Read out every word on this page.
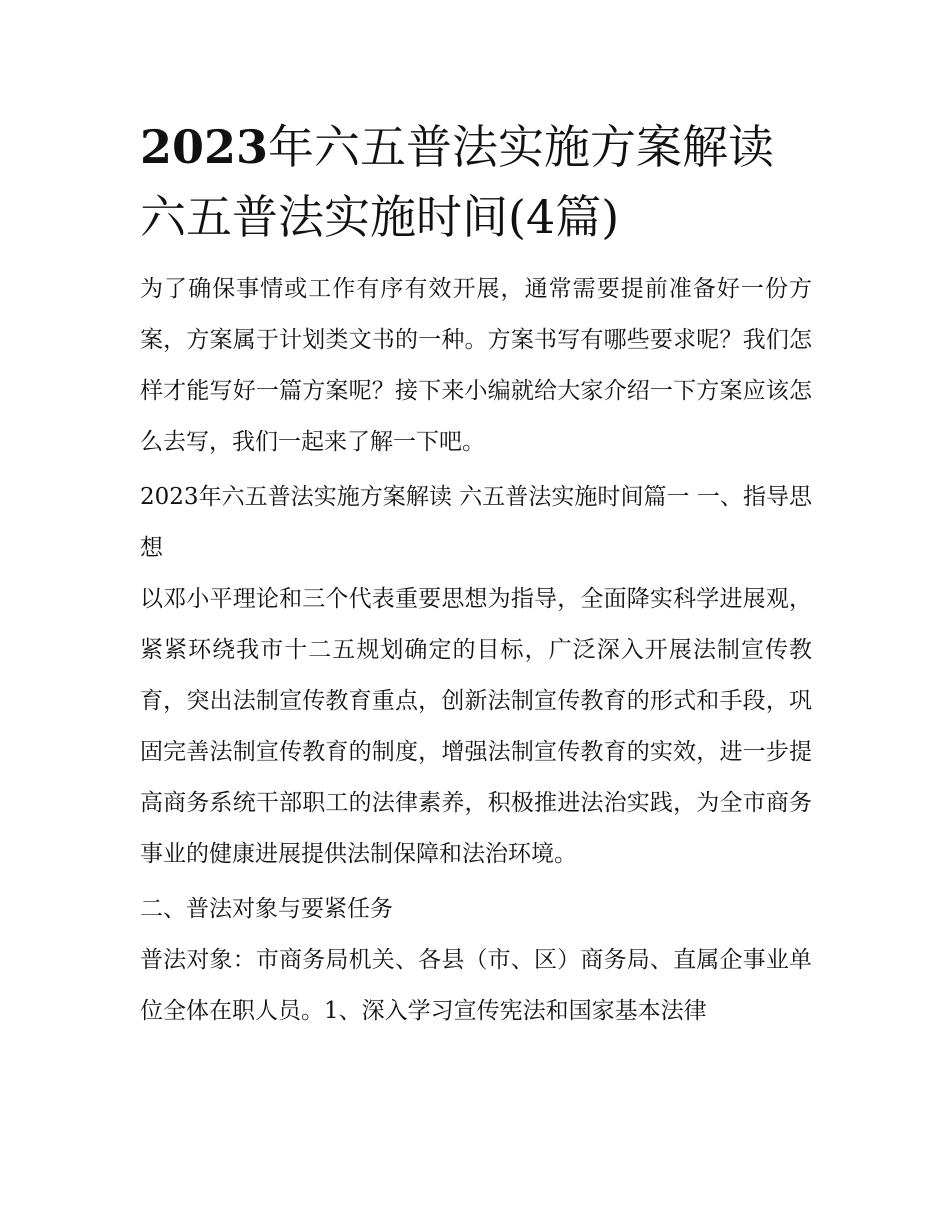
2023年六五普法实施方案解读
六五普法实施时间(4篇)

为了确保事情或工作有序有效开展，通常需要提前准备好一份方案，方案属于计划类文书的一种。方案书写有哪些要求呢？我们怎样才能写好一篇方案呢？接下来小编就给大家介绍一下方案应该怎么去写，我们一起来了解一下吧。

2023年六五普法实施方案解读 六五普法实施时间篇一 一、指导思想

以邓小平理论和三个代表重要思想为指导，全面降实科学进展观，紧紧环绕我市十二五规划确定的目标，广泛深入开展法制宣传教育，突出法制宣传教育重点，创新法制宣传教育的形式和手段，巩固完善法制宣传教育的制度，增强法制宣传教育的实效，进一步提高商务系统干部职工的法律素养，积极推进法治实践，为全市商务事业的健康进展提供法制保障和法治环境。

二、普法对象与要紧任务

普法对象：市商务局机关、各县（市、区）商务局、直属企事业单位全体在职人员。1、深入学习宣传宪法和国家基本法律
